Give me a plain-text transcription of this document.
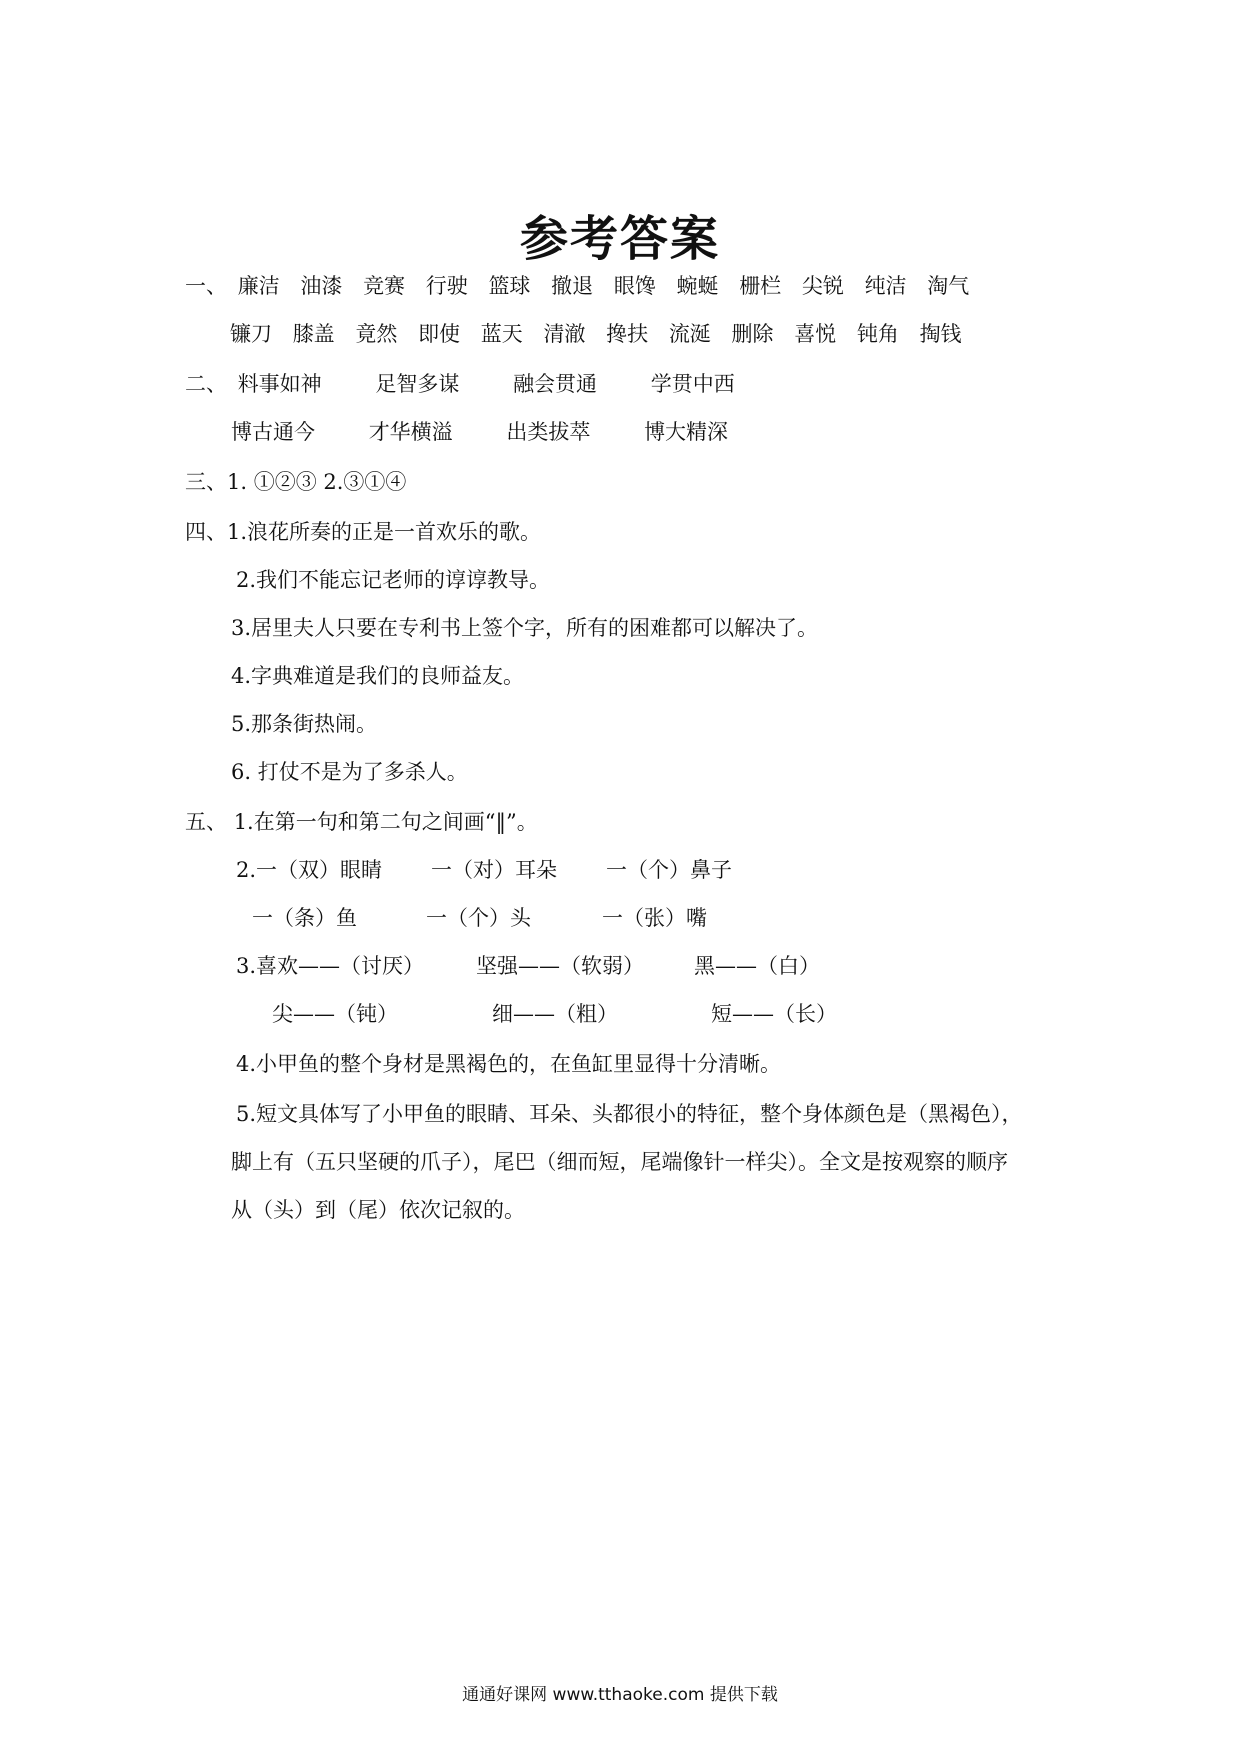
参考答案
一、 廉洁 油漆 竞赛 行驶 篮球 撤退 眼馋 蜿蜒 栅栏 尖锐 纯洁 淘气
镰刀 膝盖 竟然 即使 蓝天 清澈 搀扶 流涎 删除 喜悦 钝角 掏钱
二、 料事如神	足智多谋	融会贯通	学贯中西
博古通今	才华横溢	出类拔萃	博大精深
三、1. ①②③ 2.③①④
四、1.浪花所奏的正是一首欢乐的歌。
2.我们不能忘记老师的谆谆教导。
3.居里夫人只要在专利书上签个字，所有的困难都可以解决了。
4.字典难道是我们的良师益友。
5.那条街热闹。
6. 打仗不是为了多杀人。
五、 1.在第一句和第二句之间画“‖”。
2.一（双）眼睛 一（对）耳朵 一（个）鼻子
一（条）鱼	一（个）头	一（张）嘴
3.喜欢——（讨厌） 坚强——（软弱） 黑——（白）
尖——（钝）	细——（粗）	短——（长）
4.小甲鱼的整个身材是黑褐色的，在鱼缸里显得十分清晰。
5.短文具体写了小甲鱼的眼睛、耳朵、头都很小的特征，整个身体颜色是（黑褐色），
脚上有（五只坚硬的爪子），尾巴（细而短，尾端像针一样尖）。全文是按观察的顺序
从（头）到（尾）依次记叙的。
通通好课网 www.tthaoke.com 提供下载
